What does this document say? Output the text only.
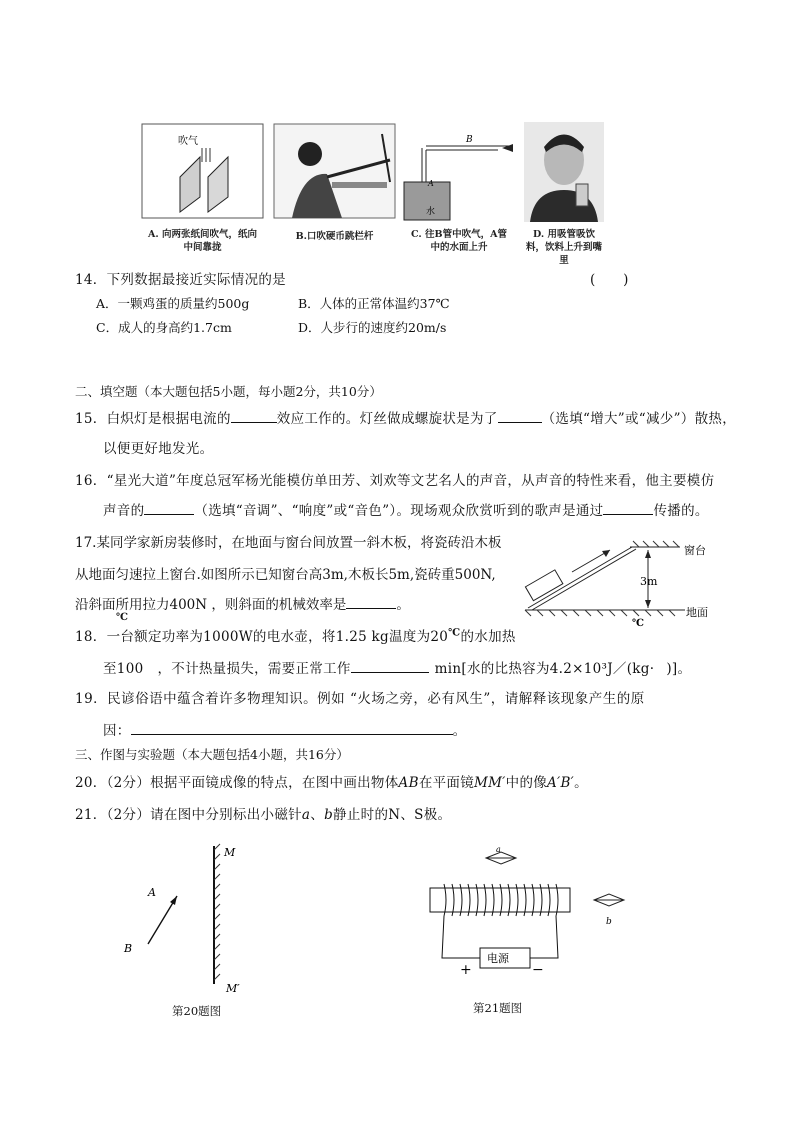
吹气
A. 向两张纸间吹气，纸向中间靠拢
B.口吹硬币跳栏杆
B
A
水
C. 往B管中吹气，A管中的水面上升
D. 用吸管吸饮料，饮料上升到嘴里
14．下列数据最接近实际情况的是	(　　)
A．一颗鸡蛋的质量约500g	B．人体的正常体温约37℃
C．成人的身高约1.7cm	D．人步行的速度约20m/s
二、填空题（本大题包括5小题，每小题2分，共10分）
15．白炽灯是根据电流的	效应工作的。灯丝做成螺旋状是为了	（选填“增大”或“减少”）散热，
以便更好地发光。
16．“星光大道”年度总冠军杨光能模仿单田芳、刘欢等文艺名人的声音，从声音的特性来看，他主要模仿
声音的	（选填“音调”、“响度”或“音色”）。现场观众欣赏听到的歌声是通过	传播的。
17.某同学家新房装修时，在地面与窗台间放置一斜木板，将瓷砖沿木板
从地面匀速拉上窗台.如图所示已知窗台高3m,木板长5m,瓷砖重500N,
沿斜面所用拉力400N ，则斜面的机械效率是	。
3m
窗台
地面
℃
℃
18．一台额定功率为1000W的电水壶，将1.25 kg温度为20℃的水加热
至100 ，不计热量损失，需要正常工作	min[水的比热容为4.2×10³J／(kg· )]。
19．民谚俗语中蕴含着许多物理知识。例如 “火场之旁，必有风生”，请解释该现象产生的原
因：	。
三、作图与实验题（本大题包括4小题，共16分）
20．（2分）根据平面镜成像的特点，在图中画出物体AB在平面镜MM′中的像A′B′。
21．（2分）请在图中分别标出小磁针a、b静止时的N、S极。
M
M′
A
B
第20题图
a
b
电源
+	−
第21题图
